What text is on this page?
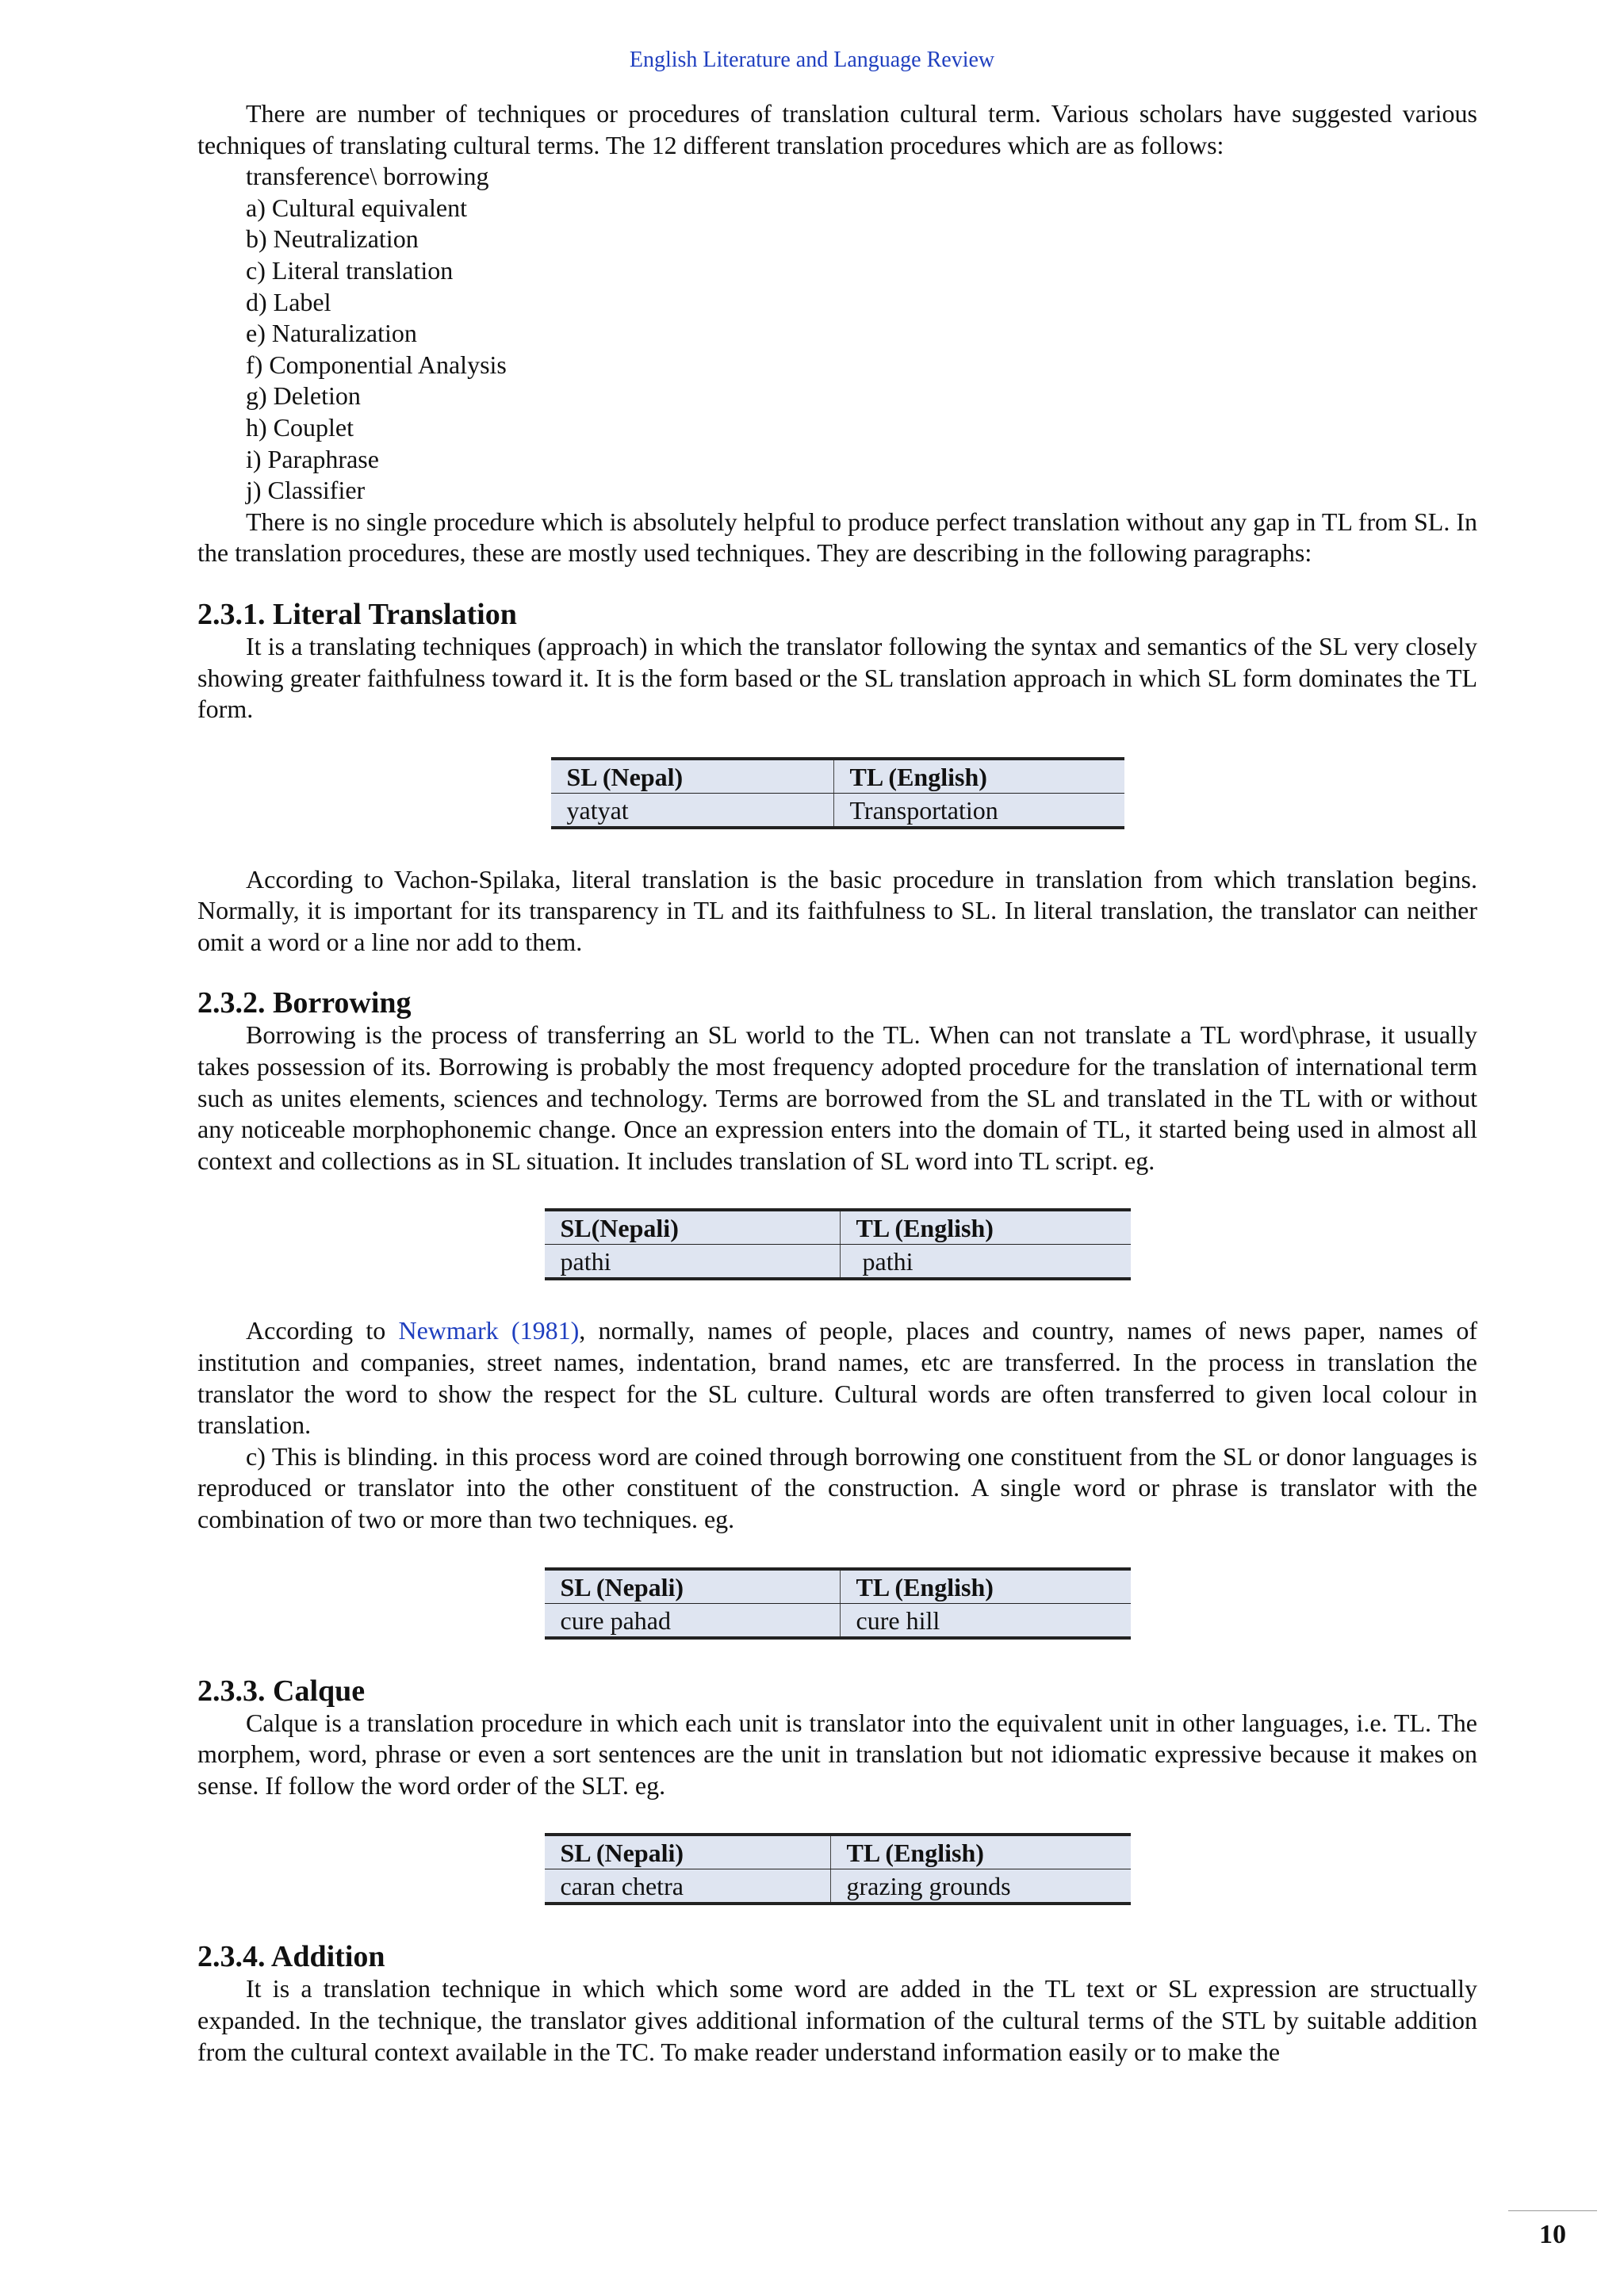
English Literature and Language Review

There are number of techniques or procedures of translation cultural term. Various scholars have suggested various techniques of translating cultural terms. The 12 different translation procedures which are as follows:

transference\ borrowing

a) Cultural equivalent

b) Neutralization

c) Literal translation

d) Label

e) Naturalization

f) Componential Analysis

g) Deletion

h) Couplet

i) Paraphrase

j) Classifier

There is no single procedure which is absolutely helpful to produce perfect translation without any gap in TL from SL. In the translation procedures, these are mostly used techniques. They are describing in the following paragraphs:

2.3.1. Literal Translation

It is a translating techniques (approach) in which the translator following the syntax and semantics of the SL very closely showing greater faithfulness toward it. It is the form based or the SL translation approach in which SL form dominates the TL form.

SL (Nepal)	TL (English)
yatyat	Transportation

According to Vachon-Spilaka, literal translation is the basic procedure in translation from which translation begins. Normally, it is important for its transparency in TL and its faithfulness to SL. In literal translation, the translator can neither omit a word or a line nor add to them.

2.3.2. Borrowing

Borrowing is the process of transferring an SL world to the TL. When can not translate a TL word\phrase, it usually takes possession of its. Borrowing is probably the most frequency adopted procedure for the translation of international term such as unites elements, sciences and technology. Terms are borrowed from the SL and translated in the TL with or without any noticeable morphophonemic change. Once an expression enters into the domain of TL, it started being used in almost all context and collections as in SL situation. It includes translation of SL word into TL script. eg.

SL(Nepali)	TL (English)
pathi	pathi

According to Newmark (1981), normally, names of people, places and country, names of news paper, names of institution and companies, street names, indentation, brand names, etc are transferred. In the process in translation the translator the word to show the respect for the SL culture. Cultural words are often transferred to given local colour in translation.

c) This is blinding. in this process word are coined through borrowing one constituent from the SL or donor languages is reproduced or translator into the other constituent of the construction. A single word or phrase is translator with the combination of two or more than two techniques. eg.

SL (Nepali)	TL (English)
cure pahad	cure hill
2.3.3. Calque

Calque is a translation procedure in which each unit is translator into the equivalent unit in other languages, i.e. TL. The morphem, word, phrase or even a sort sentences are the unit in translation but not idiomatic expressive because it makes on sense. If follow the word order of the SLT. eg.

SL (Nepali)	TL (English)
caran chetra	grazing grounds
2.3.4. Addition

It is a translation technique in which which some word are added in the TL text or SL expression are structually expanded. In the technique, the translator gives additional information of the cultural terms of the STL by suitable addition from the cultural context available in the TC. To make reader understand information easily or to make the

10
